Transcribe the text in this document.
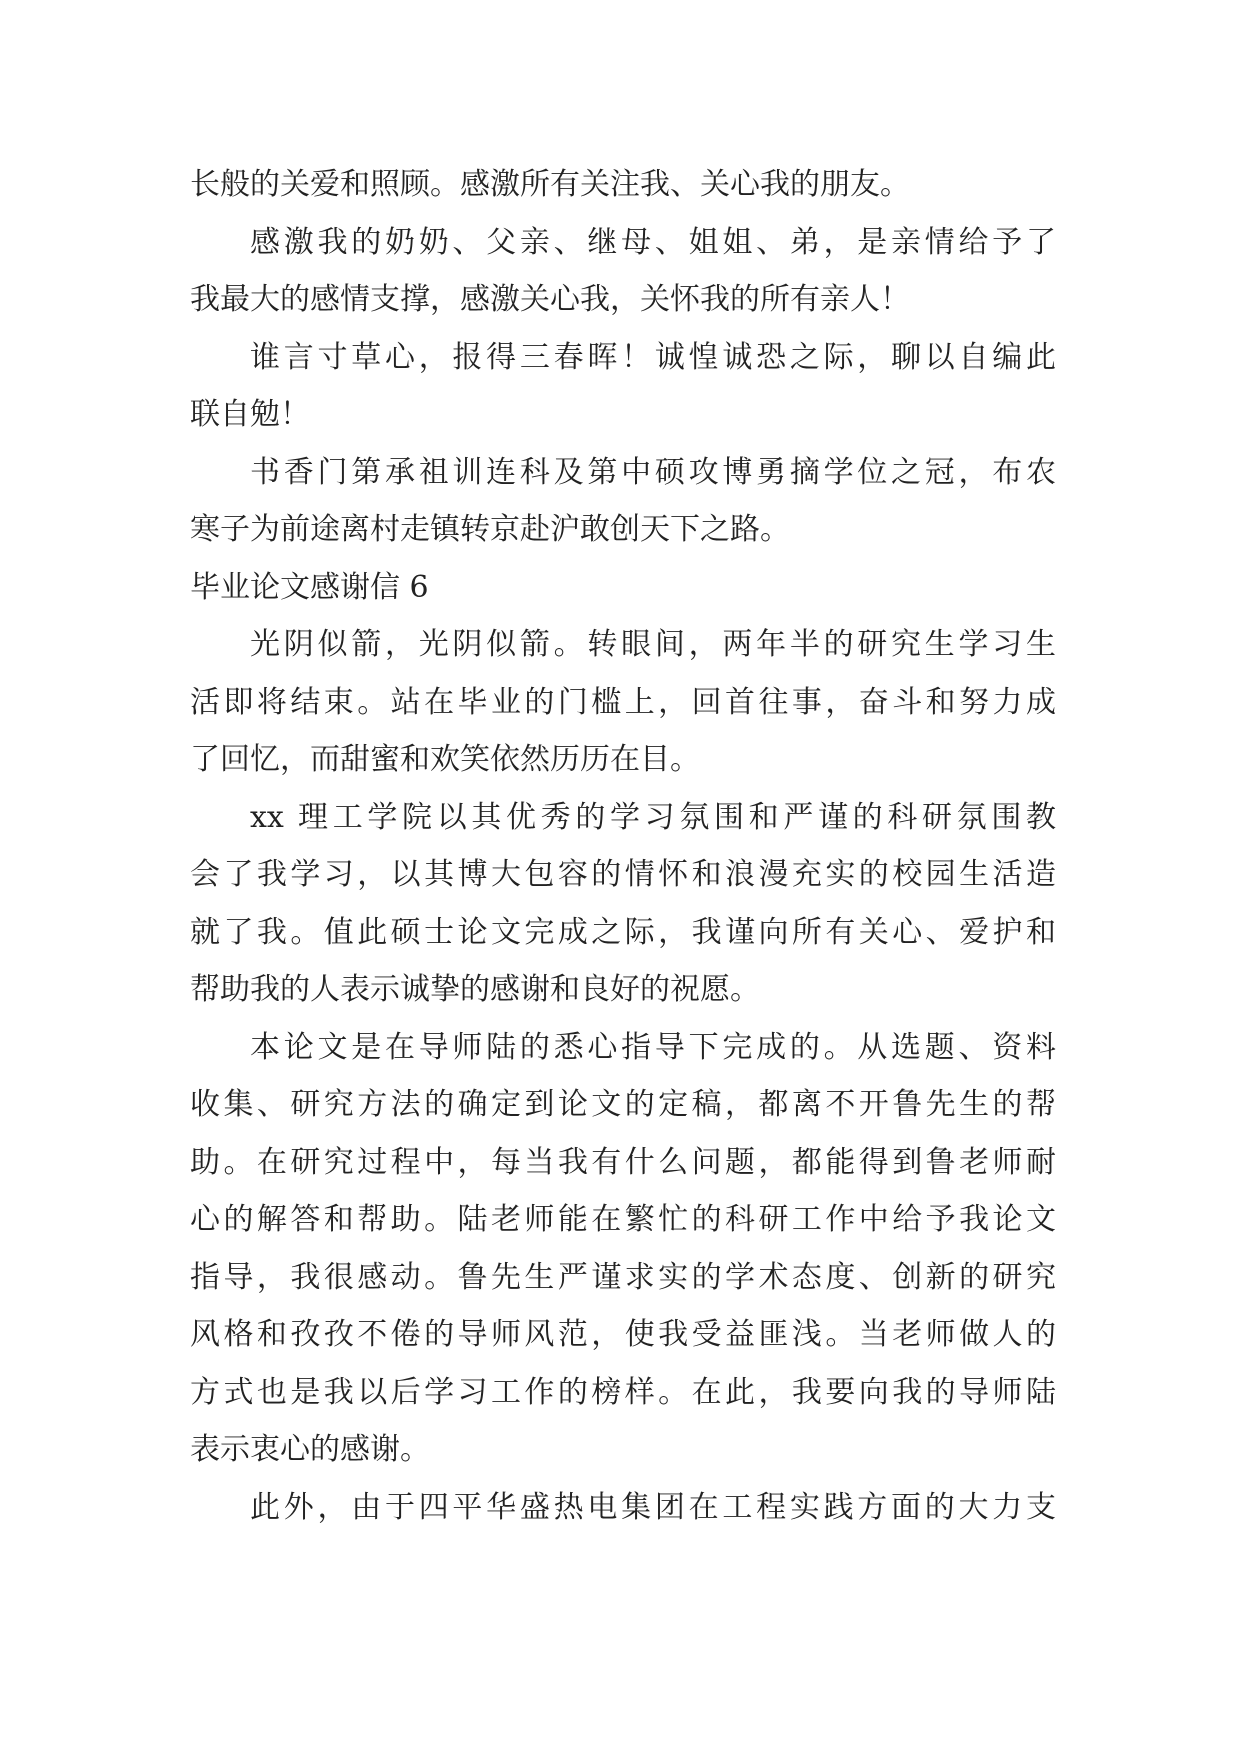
长般的关爱和照顾。感激所有关注我、关心我的朋友。
感激我的奶奶、父亲、继母、姐姐、弟，是亲情给予了
我最大的感情支撑，感激关心我，关怀我的所有亲人！
谁言寸草心，报得三春晖！诚惶诚恐之际，聊以自编此
联自勉！
书香门第承祖训连科及第中硕攻博勇摘学位之冠，布农
寒子为前途离村走镇转京赴沪敢创天下之路。
毕业论文感谢信 6
光阴似箭，光阴似箭。转眼间，两年半的研究生学习生
活即将结束。站在毕业的门槛上，回首往事，奋斗和努力成
了回忆，而甜蜜和欢笑依然历历在目。
xx 理工学院以其优秀的学习氛围和严谨的科研氛围教
会了我学习，以其博大包容的情怀和浪漫充实的校园生活造
就了我。值此硕士论文完成之际，我谨向所有关心、爱护和
帮助我的人表示诚挚的感谢和良好的祝愿。
本论文是在导师陆的悉心指导下完成的。从选题、资料
收集、研究方法的确定到论文的定稿，都离不开鲁先生的帮
助。在研究过程中，每当我有什么问题，都能得到鲁老师耐
心的解答和帮助。陆老师能在繁忙的科研工作中给予我论文
指导，我很感动。鲁先生严谨求实的学术态度、创新的研究
风格和孜孜不倦的导师风范，使我受益匪浅。当老师做人的
方式也是我以后学习工作的榜样。在此，我要向我的导师陆
表示衷心的感谢。
此外，由于四平华盛热电集团在工程实践方面的大力支
